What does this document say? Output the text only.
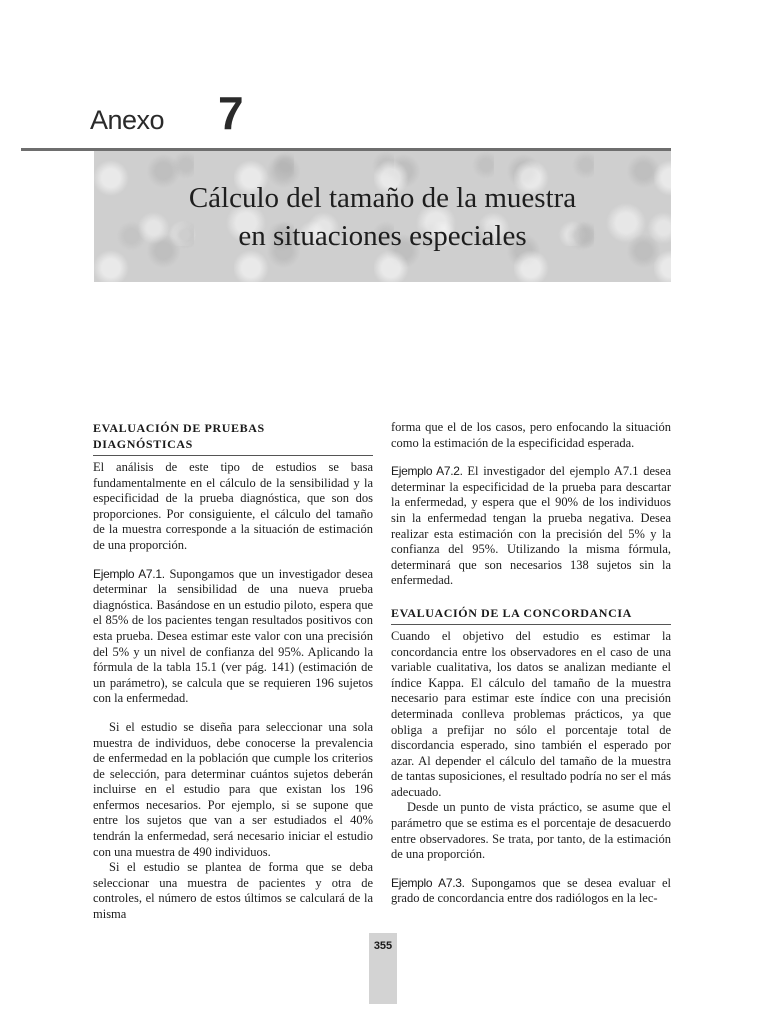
Anexo 7
Cálculo del tamaño de la muestra
en situaciones especiales
EVALUACIÓN DE PRUEBAS
DIAGNÓSTICAS

El análisis de este tipo de estudios se basa fundamentalmente en el cálculo de la sensibilidad y la especificidad de la prueba diagnóstica, que son dos proporciones. Por consiguiente, el cálculo del tamaño de la muestra corresponde a la situación de estimación de una proporción.

Ejemplo A7.1. Supongamos que un investigador desea determinar la sensibilidad de una nueva prueba diagnóstica. Basándose en un estudio piloto, espera que el 85% de los pacientes tengan resultados positivos con esta prueba. Desea estimar este valor con una precisión del 5% y un nivel de confianza del 95%. Aplicando la fórmula de la tabla 15.1 (ver pág. 141) (estimación de un parámetro), se calcula que se requieren 196 sujetos con la enfermedad.

Si el estudio se diseña para seleccionar una sola muestra de individuos, debe conocerse la prevalencia de enfermedad en la población que cumple los criterios de selección, para determinar cuántos sujetos deberán incluirse en el estudio para que existan los 196 enfermos necesarios. Por ejemplo, si se supone que entre los sujetos que van a ser estudiados el 40% tendrán la enfermedad, será necesario iniciar el estudio con una muestra de 490 individuos.

Si el estudio se plantea de forma que se deba seleccionar una muestra de pacientes y otra de controles, el número de estos últimos se calculará de la misma

forma que el de los casos, pero enfocando la situación como la estimación de la especificidad esperada.

Ejemplo A7.2. El investigador del ejemplo A7.1 desea determinar la especificidad de la prueba para descartar la enfermedad, y espera que el 90% de los individuos sin la enfermedad tengan la prueba negativa. Desea realizar esta estimación con la precisión del 5% y la confianza del 95%. Utilizando la misma fórmula, determinará que son necesarios 138 sujetos sin la enfermedad.

EVALUACIÓN DE LA CONCORDANCIA

Cuando el objetivo del estudio es estimar la concordancia entre los observadores en el caso de una variable cualitativa, los datos se analizan mediante el índice Kappa. El cálculo del tamaño de la muestra necesario para estimar este índice con una precisión determinada conlleva problemas prácticos, ya que obliga a prefijar no sólo el porcentaje total de discordancia esperado, sino también el esperado por azar. Al depender el cálculo del tamaño de la muestra de tantas suposiciones, el resultado podría no ser el más adecuado.

Desde un punto de vista práctico, se asume que el parámetro que se estima es el porcentaje de desacuerdo entre observadores. Se trata, por tanto, de la estimación de una proporción.

Ejemplo A7.3. Supongamos que se desea evaluar el grado de concordancia entre dos radiólogos en la lec-

355
